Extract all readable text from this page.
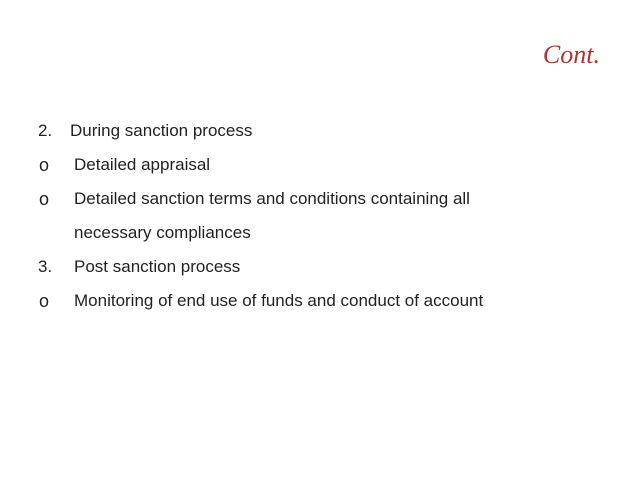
Cont.
2. During sanction process
o Detailed appraisal
o Detailed sanction terms and conditions containing all
necessary compliances
3. Post sanction process
o Monitoring of end use of funds and conduct of account
